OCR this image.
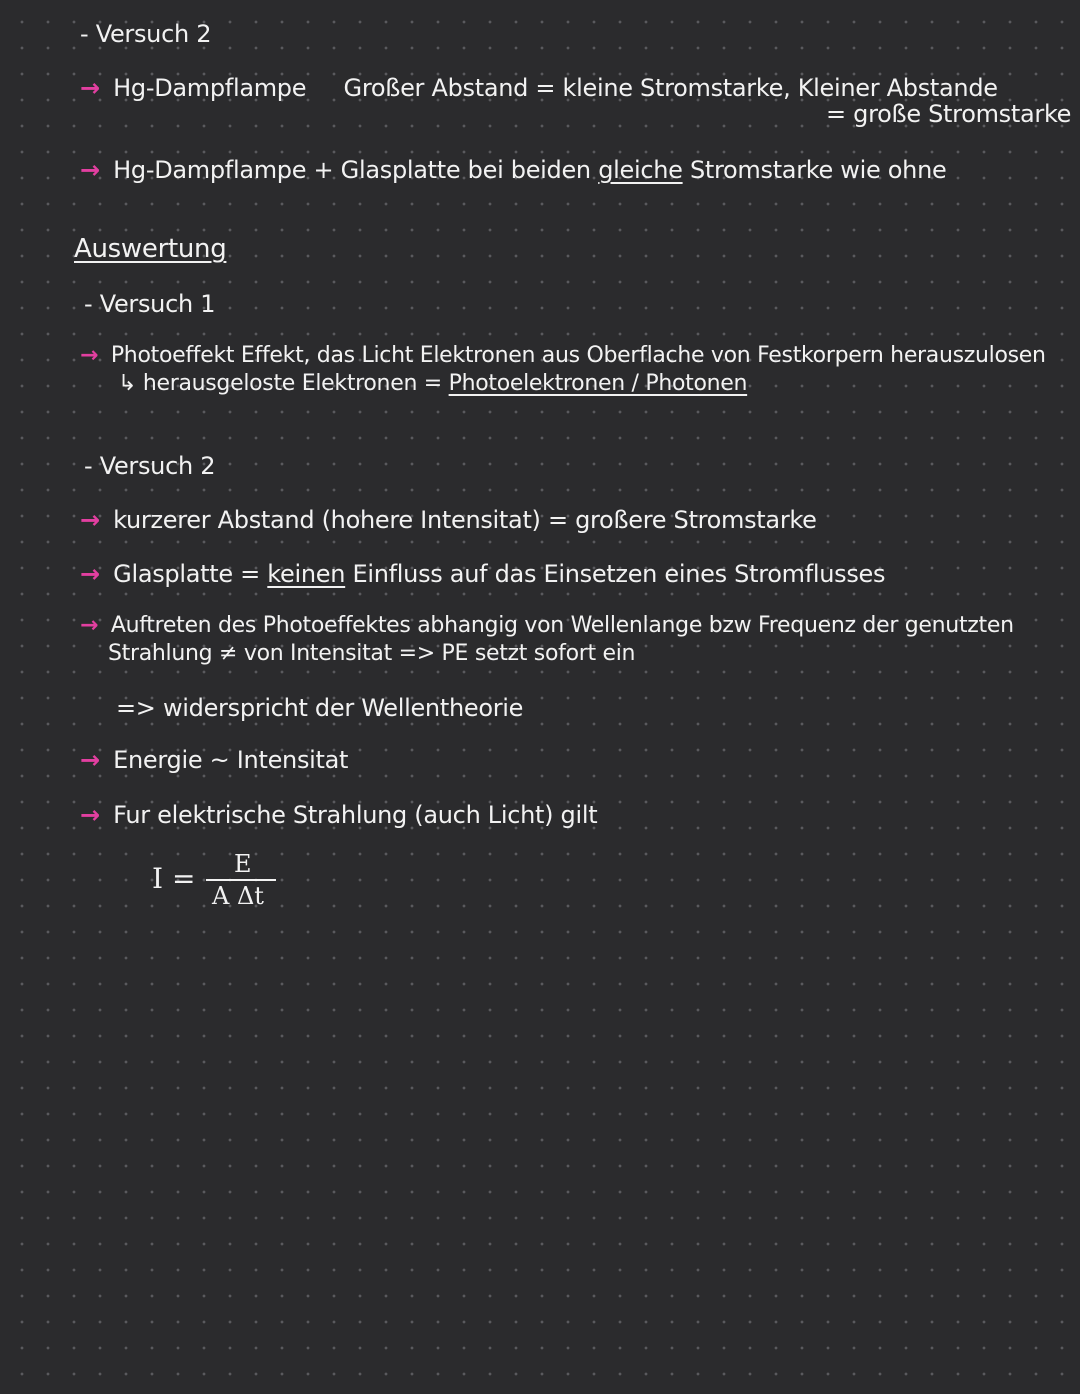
- Versuch 2
→ Hg-Dampflampe Großer Abstand = kleine Stromstarke, Kleiner Abstande
= große Stromstarke
→ Hg-Dampflampe + Glasplatte bei beiden gleiche Stromstarke wie ohne
Auswertung
- Versuch 1
→ Photoeffekt Effekt, das Licht Elektronen aus Oberflache von Festkorpern herauszulosen
↳ herausgeloste Elektronen = Photoelektronen / Photonen
- Versuch 2
→ kurzerer Abstand (hohere Intensitat) = großere Stromstarke
→ Glasplatte = keinen Einfluss auf das Einsetzen eines Stromflusses
→ Auftreten des Photoeffektes abhangig von Wellenlange bzw Frequenz der genutzten
Strahlung ≠ von Intensitat => PE setzt sofort ein
=> widerspricht der Wellentheorie
→ Energie ~ Intensitat
→ Fur elektrische Strahlung (auch Licht) gilt
I = E
A Δt
